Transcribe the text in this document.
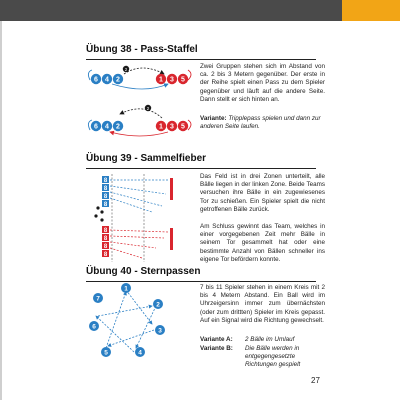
Übung 38 - Pass-Staffel
2
6 4 2	1 3 5
2
6 4 2	1 3 5

Zwei Gruppen stehen sich im Abstand von ca. 2 bis 3 Metern gegenüber. Der erste in der Reihe spielt einen Pass zu dem Spieler gegenüber und läuft auf die andere Seite. Dann stellt er sich hinten an.

Variante: Tripplepass spielen und dann zur anderen Seite laufen.

Übung 39 - Sammelfieber
8
8
8
8
8
8
8
8

Das Feld ist in drei Zonen unterteilt, alle Bälle liegen in der linken Zone. Beide Teams versuchen ihre Bälle in ein zugewiesenes Tor zu schießen. Ein Spieler spielt die nicht getroffenen Bälle zurück.

Am Schluss gewinnt das Team, welches in einer vorgegebenen Zeit mehr Bälle in seinem Tor gesammelt hat oder eine bestimmte Anzahl von Bällen schneller ins eigene Tor befördern konnte.

Übung 40 - Sternpassen
1
2
3
4
5
6
7

7 bis 11 Spieler stehen in einem Kreis mit 2 bis 4 Metern Abstand. Ein Ball wird im Uhrzeigersinn immer zum übernächsten (oder zum drittten) Spieler im Kreis gepasst. Auf ein Signal wird die Richtung gewechselt.

Variante A:	2 Bälle im Umlauf

Variante B:	Die Bälle werden in entgegengesetzte Richtungen gespielt

27
